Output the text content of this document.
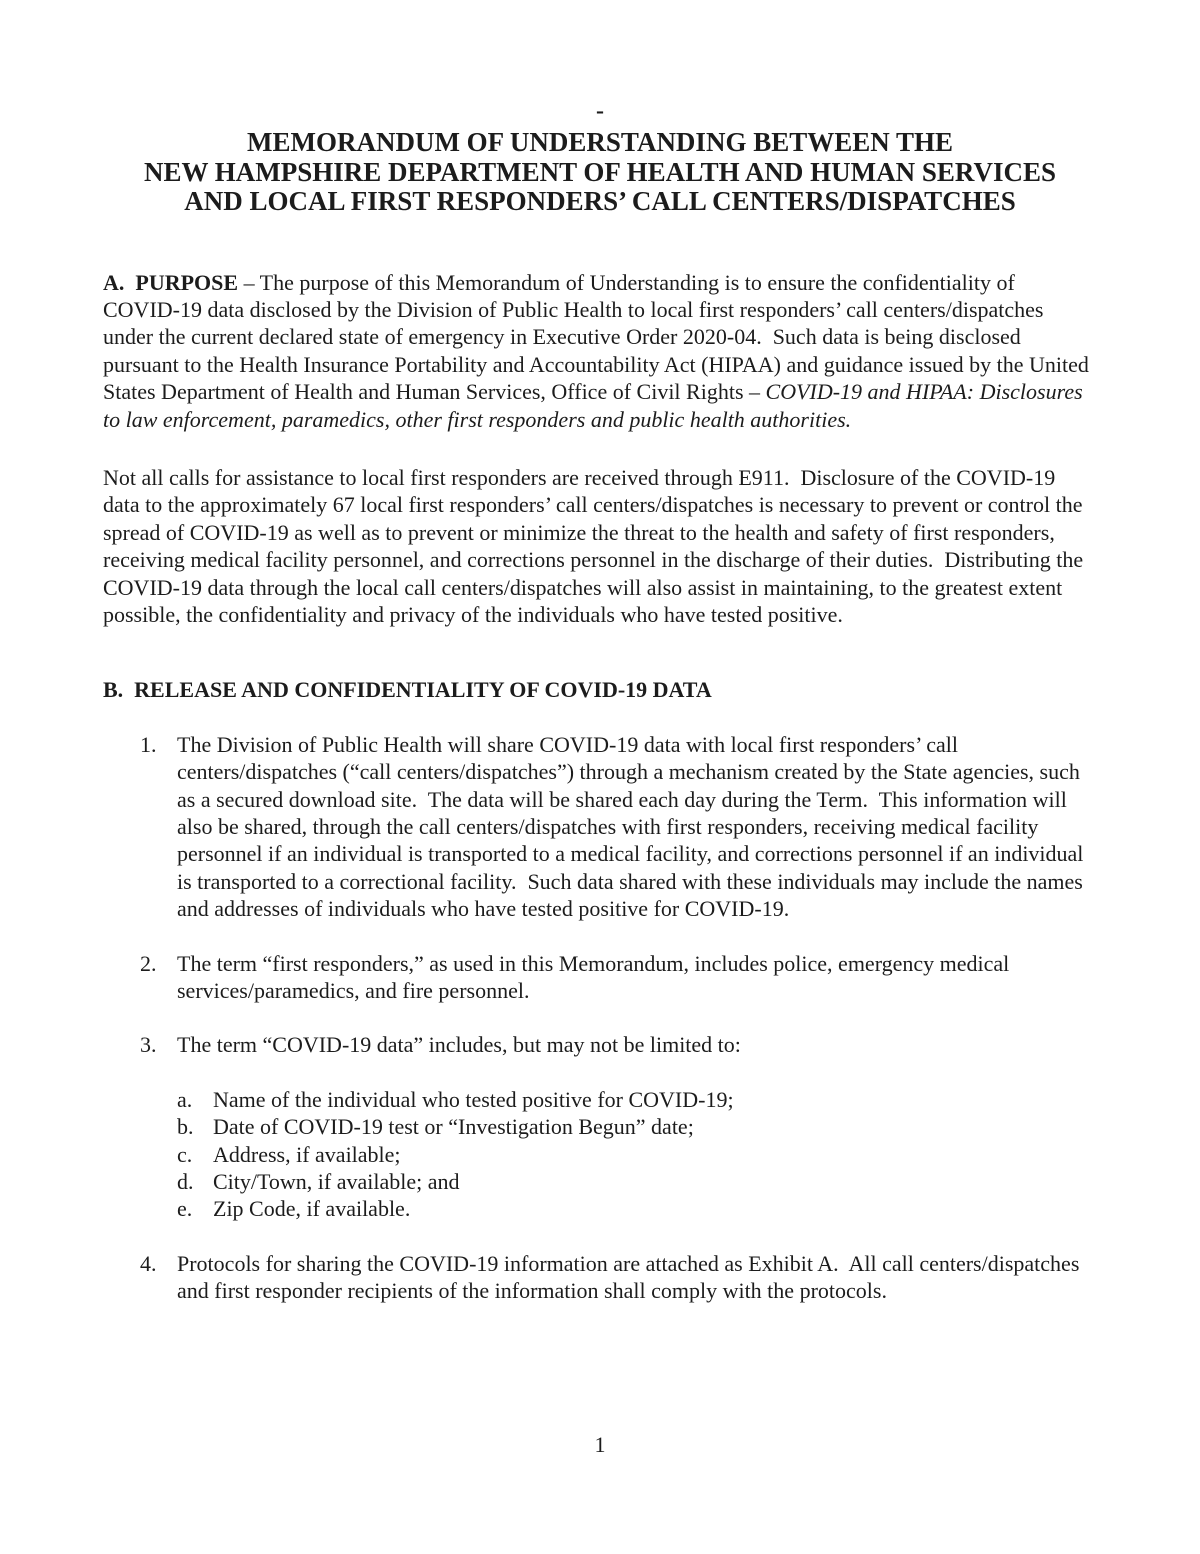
-
MEMORANDUM OF UNDERSTANDING BETWEEN THE
NEW HAMPSHIRE DEPARTMENT OF HEALTH AND HUMAN SERVICES
AND LOCAL FIRST RESPONDERS’ CALL CENTERS/DISPATCHES

A.  PURPOSE – The purpose of this Memorandum of Understanding is to ensure the confidentiality of COVID-19 data disclosed by the Division of Public Health to local first responders’ call centers/dispatches under the current declared state of emergency in Executive Order 2020-04.  Such data is being disclosed pursuant to the Health Insurance Portability and Accountability Act (HIPAA) and guidance issued by the United States Department of Health and Human Services, Office of Civil Rights – COVID-19 and HIPAA: Disclosures to law enforcement, paramedics, other first responders and public health authorities.

Not all calls for assistance to local first responders are received through E911.  Disclosure of the COVID-19 data to the approximately 67 local first responders’ call centers/dispatches is necessary to prevent or control the spread of COVID-19 as well as to prevent or minimize the threat to the health and safety of first responders, receiving medical facility personnel, and corrections personnel in the discharge of their duties.  Distributing the COVID-19 data through the local call centers/dispatches will also assist in maintaining, to the greatest extent possible, the confidentiality and privacy of the individuals who have tested positive.

B.  RELEASE AND CONFIDENTIALITY OF COVID-19 DATA
1. The Division of Public Health will share COVID-19 data with local first responders’ call centers/dispatches (“call centers/dispatches”) through a mechanism created by the State agencies, such as a secured download site.  The data will be shared each day during the Term.  This information will also be shared, through the call centers/dispatches with first responders, receiving medical facility personnel if an individual is transported to a medical facility, and corrections personnel if an individual is transported to a correctional facility.  Such data shared with these individuals may include the names and addresses of individuals who have tested positive for COVID-19.
2. The term “first responders,” as used in this Memorandum, includes police, emergency medical services/paramedics, and fire personnel.
3. The term “COVID-19 data” includes, but may not be limited to:
a. Name of the individual who tested positive for COVID-19;
b. Date of COVID-19 test or “Investigation Begun” date;
c. Address, if available;
d. City/Town, if available; and
e. Zip Code, if available.
4. Protocols for sharing the COVID-19 information are attached as Exhibit A.  All call centers/dispatches and first responder recipients of the information shall comply with the protocols.
1
